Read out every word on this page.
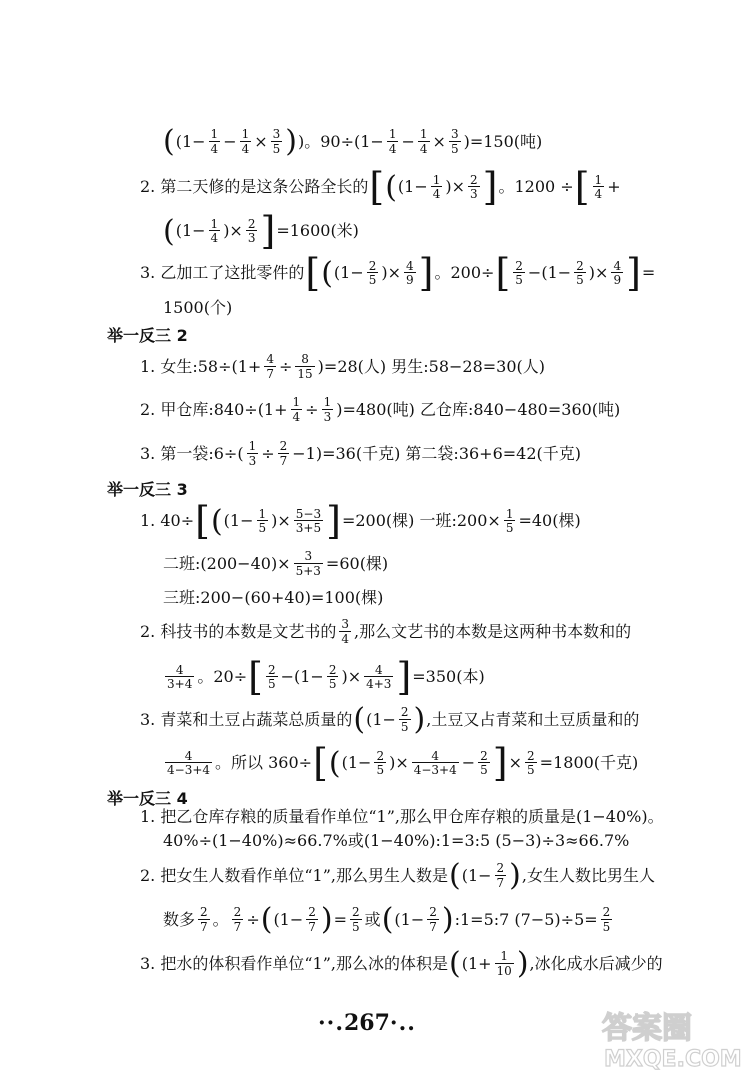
( ($1- \frac{1}{4} - \frac{1}{4} \times \frac{3}{5}$ ) )。$90\div(1- \frac{1}{4} - \frac{1}{4} \times \frac{3}{5} )=150$(吨)
2. 第二天修的是这条公路全长的 [ ( ($1- \frac{1}{4}$ )× $\frac{2}{3}$ ] 。1200 ÷ [ 1
4 +
( ($1- \frac{1}{4}$ )× $\frac{2}{3}$ ] =1600(米)
3. 乙加工了这批零件的 [ ( ($1- \frac{2}{5}$ )× $\frac{4}{9}$ ] 。200÷ [ 2
$5 -(1- \frac{2}{5}$ )× $\frac{4}{9}$ ] =
1500(个)
举一反三 2
1. 女生:58÷(1+ $\frac{4}{7} \div \frac{8}{15} )=28$(人) 男生:58−28=30(人)
2. 甲仓库:840÷(1+ $\frac{1}{4} \div \frac{1}{3} )=480$(吨) 乙仓库:840−480=360(吨)
3. 第一袋:6÷( $\frac{1}{3} \div \frac{2}{7} -1)=36$(千克) 第二袋:36+6=42(千克)
举一反三 3
1. 40÷ [ ( ($1- \frac{1}{5}$ )× $\frac{5-3}{3+5}$ ] =200(棵) 一班:200× $\frac{1}{5} =40$(棵)
二班:(200−40)× $\frac{3}{5+3} =60$(棵)
三班:200−(60+40)=100(棵)
2. 科技书的本数是文艺书的 3
4 ,那么文艺书的本数是这两种书本数和的
4
3+4 。20÷ [ 2
$5 -(1- \frac{2}{5}$ )× $\frac{4}{4+3}$ ] =350(本)
3. 青菜和土豆占蔬菜总质量的 ( ($1- \frac{2}{5}$ ) ,土豆又占青菜和土豆质量和的
4
4−3+4 。所以 360÷ [ ( ($1- \frac{2}{5}$ )× $\frac{4}{4-3+4} - \frac{2}{5}$ ] × $\frac{2}{5} =1800$(千克)
举一反三 4
1. 把乙仓库存粮的质量看作单位“1”,那么甲仓库存粮的质量是(1−40%)。
40%÷(1−40%)≈66.7%或(1−40%):1=3:5 (5−3)÷3≈66.7%
2. 把女生人数看作单位“1”,那么男生人数是 ( ($1- \frac{2}{7}$ ) ,女生人数比男生人
数多 2
7 。 $\frac{2}{7}$ ÷ ( ($1- \frac{2}{7}$ ) = $\frac{2}{5}$ 或 ( ($1- \frac{2}{7}$ ) :1=5:7 $(7-5)\div 5= \frac{2}{5}$
3. 把水的体积看作单位“1”,那么冰的体积是 ( ($1+ \frac{1}{10}$ ) ,冰化成水后减少的
··.267·..	答案圈
MXQE.COM
